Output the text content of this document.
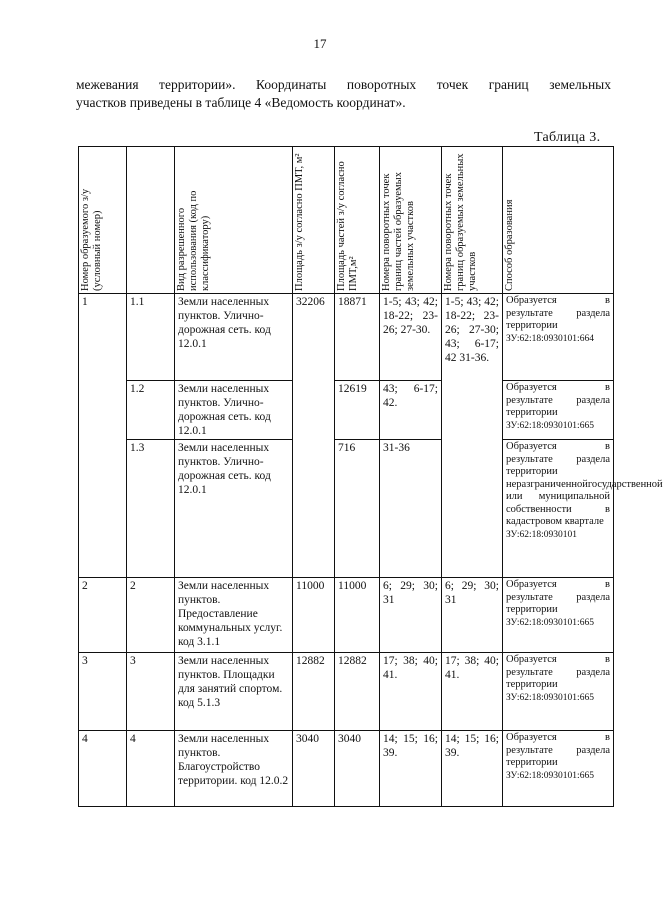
17
межевания территории». Координаты поворотных точек границ земельных
участков приведены в таблице 4 «Ведомость координат».
Таблица 3.
Номер образуемого з/у (условный номер)		Вид разрешенного использования (код по классификатору)	Площадь з/у согласно ПМТ, м²	Площадь частей з/у согласно ПМТ,м²	Номера поворотных точек границ частей образуемых земельных участков	Номера поворотных точек границ образуемых земельных участков	Способ образования

1	1.1	Земли населенных пунктов. Улично-дорожная сеть. код 12.0.1	32206	18871	1-5; 43; 42; 18-22; 23-26; 27-30.	1-5; 43; 42; 18-22; 23-26; 27-30; 43; 6-17; 42 31-36.	Образуется в результате раздела территории
ЗУ:62:18:0930101:664

	1.2	Земли населенных пунктов. Улично-дорожная сеть. код 12.0.1		12619	43; 6-17; 42.		Образуется в результате раздела территории
ЗУ:62:18:0930101:665

	1.3	Земли населенных пунктов. Улично-дорожная сеть. код 12.0.1		716	31-36		Образуется в результате раздела территории неразграниченнойгосударственной или муниципальной собственности в кадастровом квартале
ЗУ:62:18:0930101

2	2	Земли населенных пунктов. Предоставление коммунальных услуг. код 3.1.1	11000	11000	6; 29; 30; 31	6; 29; 30; 31	Образуется в результате раздела территории
ЗУ:62:18:0930101:665

3	3	Земли населенных пунктов. Площадки для занятий спортом. код 5.1.3	12882	12882	17; 38; 40; 41.	17; 38; 40; 41.	Образуется в результате раздела территории
ЗУ:62:18:0930101:665

4	4	Земли населенных пунктов. Благоустройство территории. код 12.0.2	3040	3040	14; 15; 16; 39.	14; 15; 16; 39.	Образуется в результате раздела территории
ЗУ:62:18:0930101:665
